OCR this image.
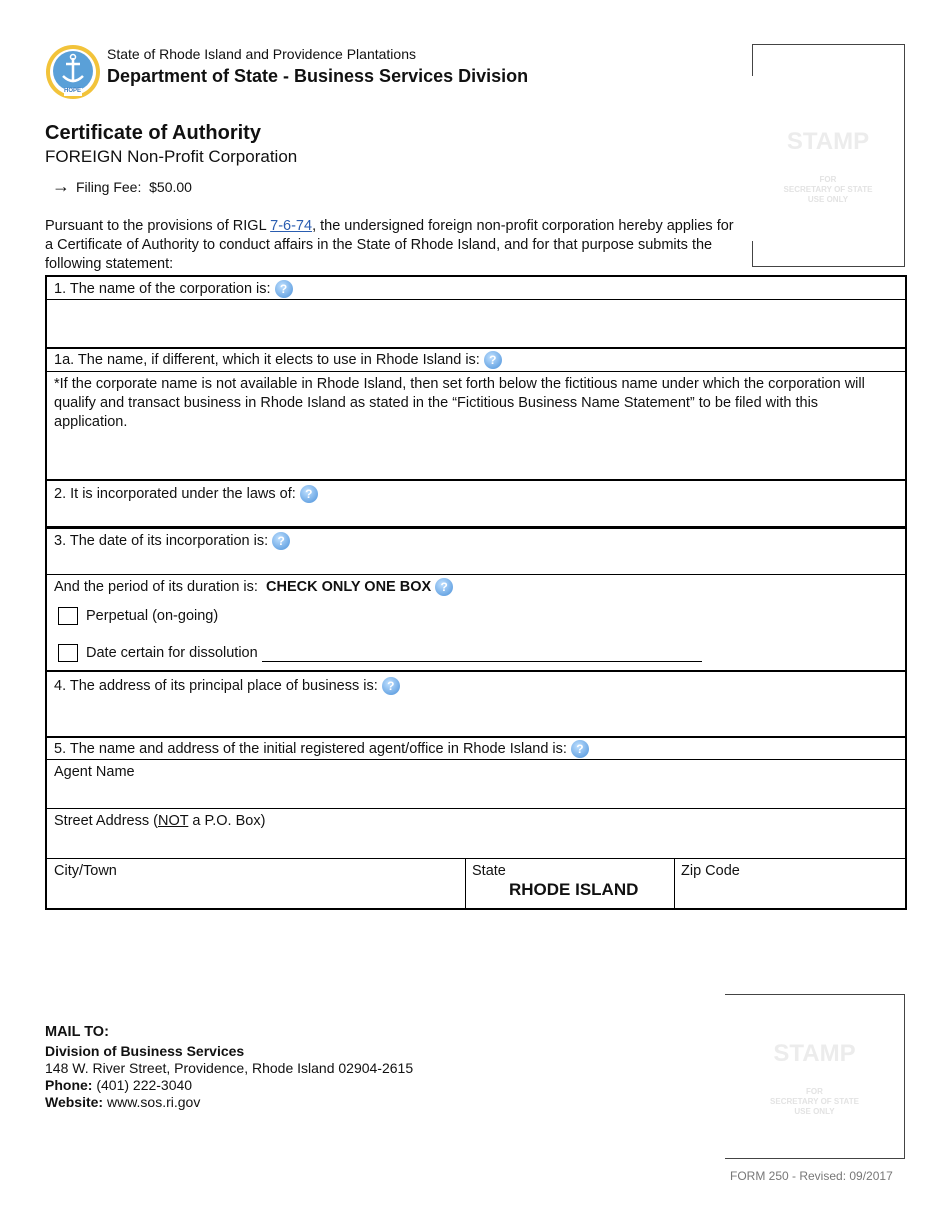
HOPE
State of Rhode Island and Providence Plantations
Department of State - Business Services Division
STAMP
FOR
SECRETARY OF STATE
USE ONLY
Certificate of Authority
FOREIGN Non-Profit Corporation
→ Filing Fee: $50.00
Pursuant to the provisions of RIGL 7-6-74, the undersigned foreign non-profit corporation hereby applies for a Certificate of Authority to conduct affairs in the State of Rhode Island, and for that purpose submits the following statement:
1. The name of the corporation is: ?
1a. The name, if different, which it elects to use in Rhode Island is: ?
*If the corporate name is not available in Rhode Island, then set forth below the fictitious name under which the corporation will qualify and transact business in Rhode Island as stated in the “Fictitious Business Name Statement” to be filed with this application.
2. It is incorporated under the laws of: ?
3. The date of its incorporation is: ?
And the period of its duration is: CHECK ONLY ONE BOX ?
Perpetual (on-going)
Date certain for dissolution
4. The address of its principal place of business is: ?
5. The name and address of the initial registered agent/office in Rhode Island is: ?
Agent Name
Street Address (NOT a P.O. Box)
City/Town	State
RHODE ISLAND
Zip Code
MAIL TO:
Division of Business Services
148 W. River Street, Providence, Rhode Island 02904-2615
Phone: (401) 222-3040
Website: www.sos.ri.gov
STAMP
FOR
SECRETARY OF STATE
USE ONLY
FORM 250 - Revised: 09/2017
